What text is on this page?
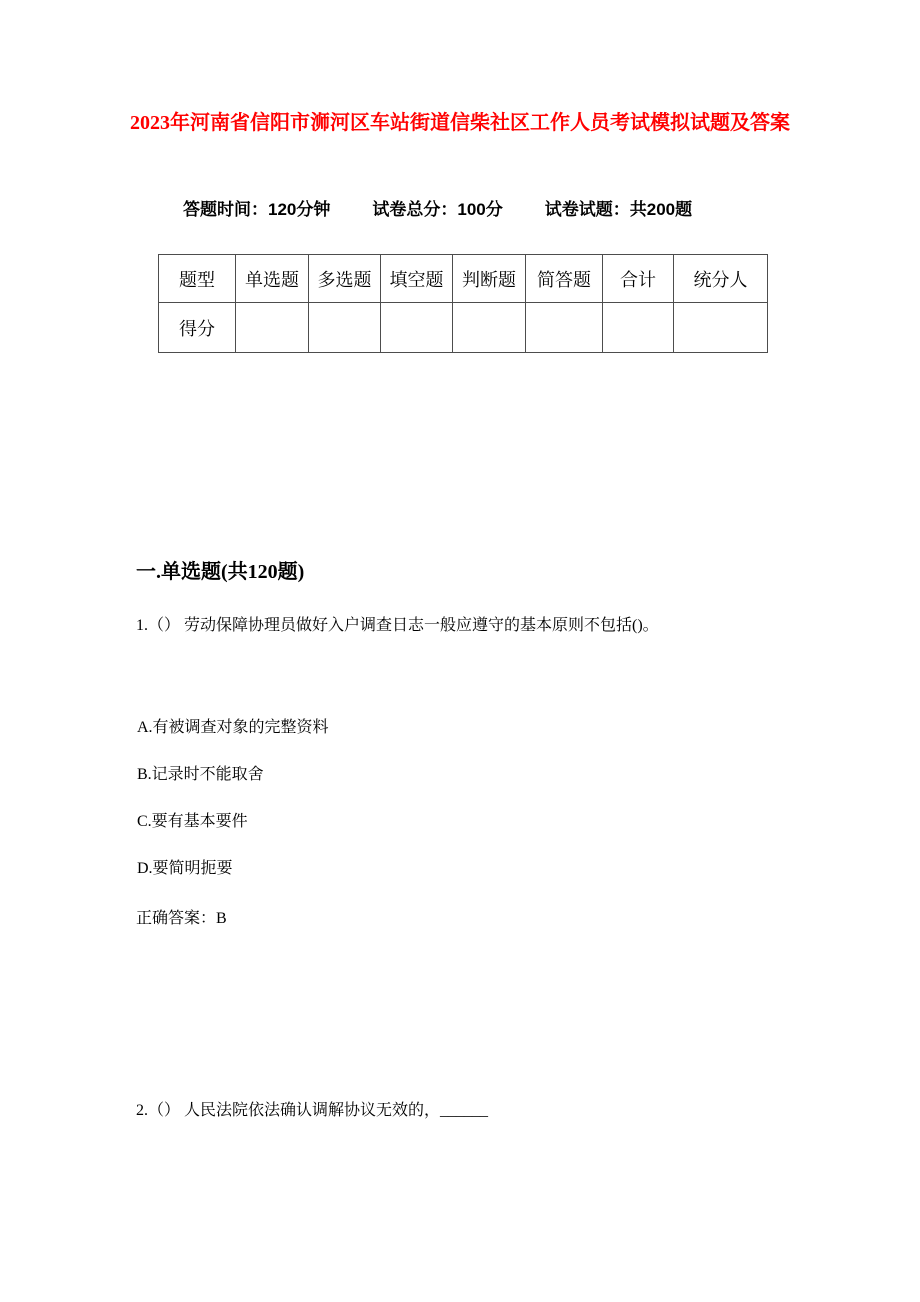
2023年河南省信阳市浉河区车站街道信柴社区工作人员考试模拟试题及答案
答题时间：120分钟 试卷总分：100分 试卷试题：共200题
题型	单选题	多选题	填空题	判断题	简答题	合计	统分人
得分							
一.单选题(共120题)

1.（） 劳动保障协理员做好入户调查日志一般应遵守的基本原则不包括()。

A.有被调查对象的完整资料

B.记录时不能取舍

C.要有基本要件

D.要简明扼要

正确答案：B

2.（） 人民法院依法确认调解协议无效的，______
